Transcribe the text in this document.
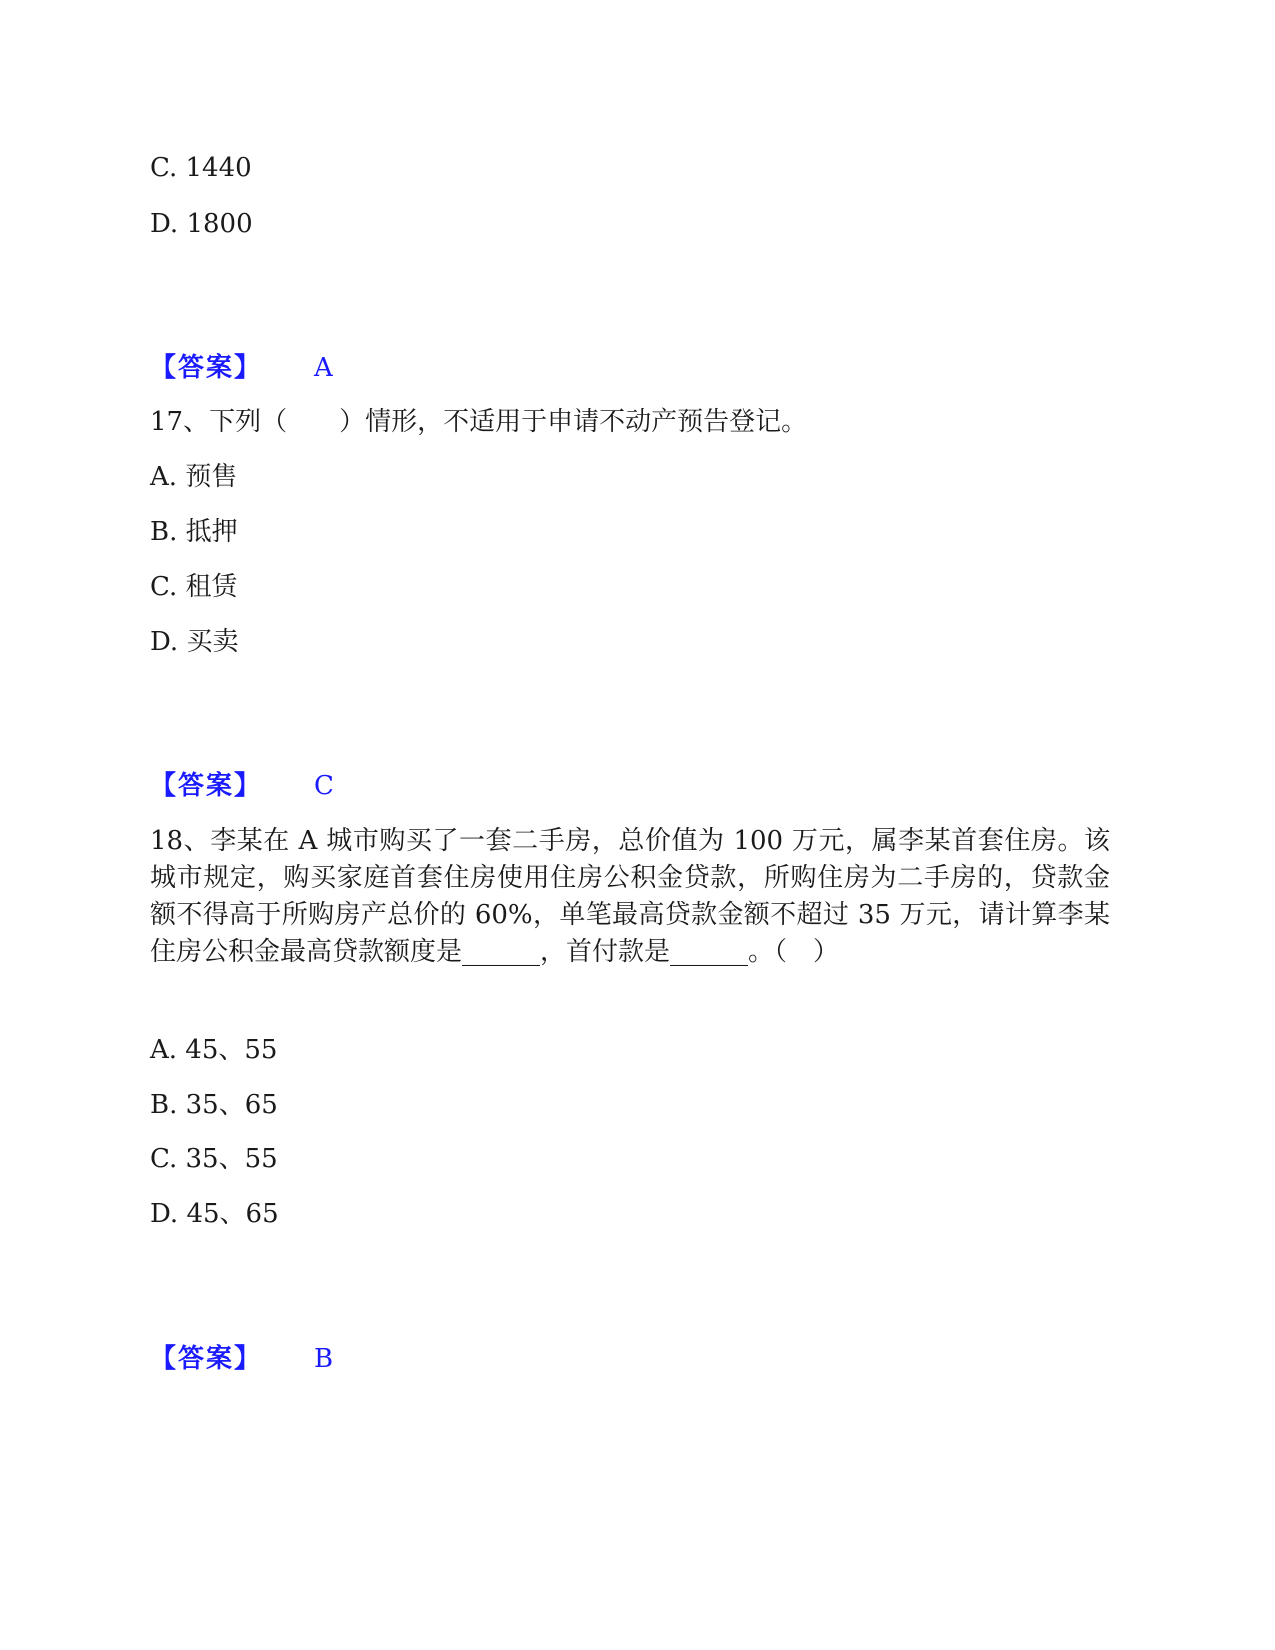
C. 1440
D. 1800
【答案】 A
17、下列（　　）情形，不适用于申请不动产预告登记。
A. 预售
B. 抵押
C. 租赁
D. 买卖
【答案】 C
18、李某在 A 城市购买了一套二手房，总价值为 100 万元，属李某首套住房。该城市规定，购买家庭首套住房使用住房公积金贷款，所购住房为二手房的，贷款金额不得高于所购房产总价的 60%，单笔最高贷款金额不超过 35 万元，请计算李某住房公积金最高贷款额度是______，首付款是______。（　）
A. 45、55
B. 35、65
C. 35、55
D. 45、65
【答案】 B
